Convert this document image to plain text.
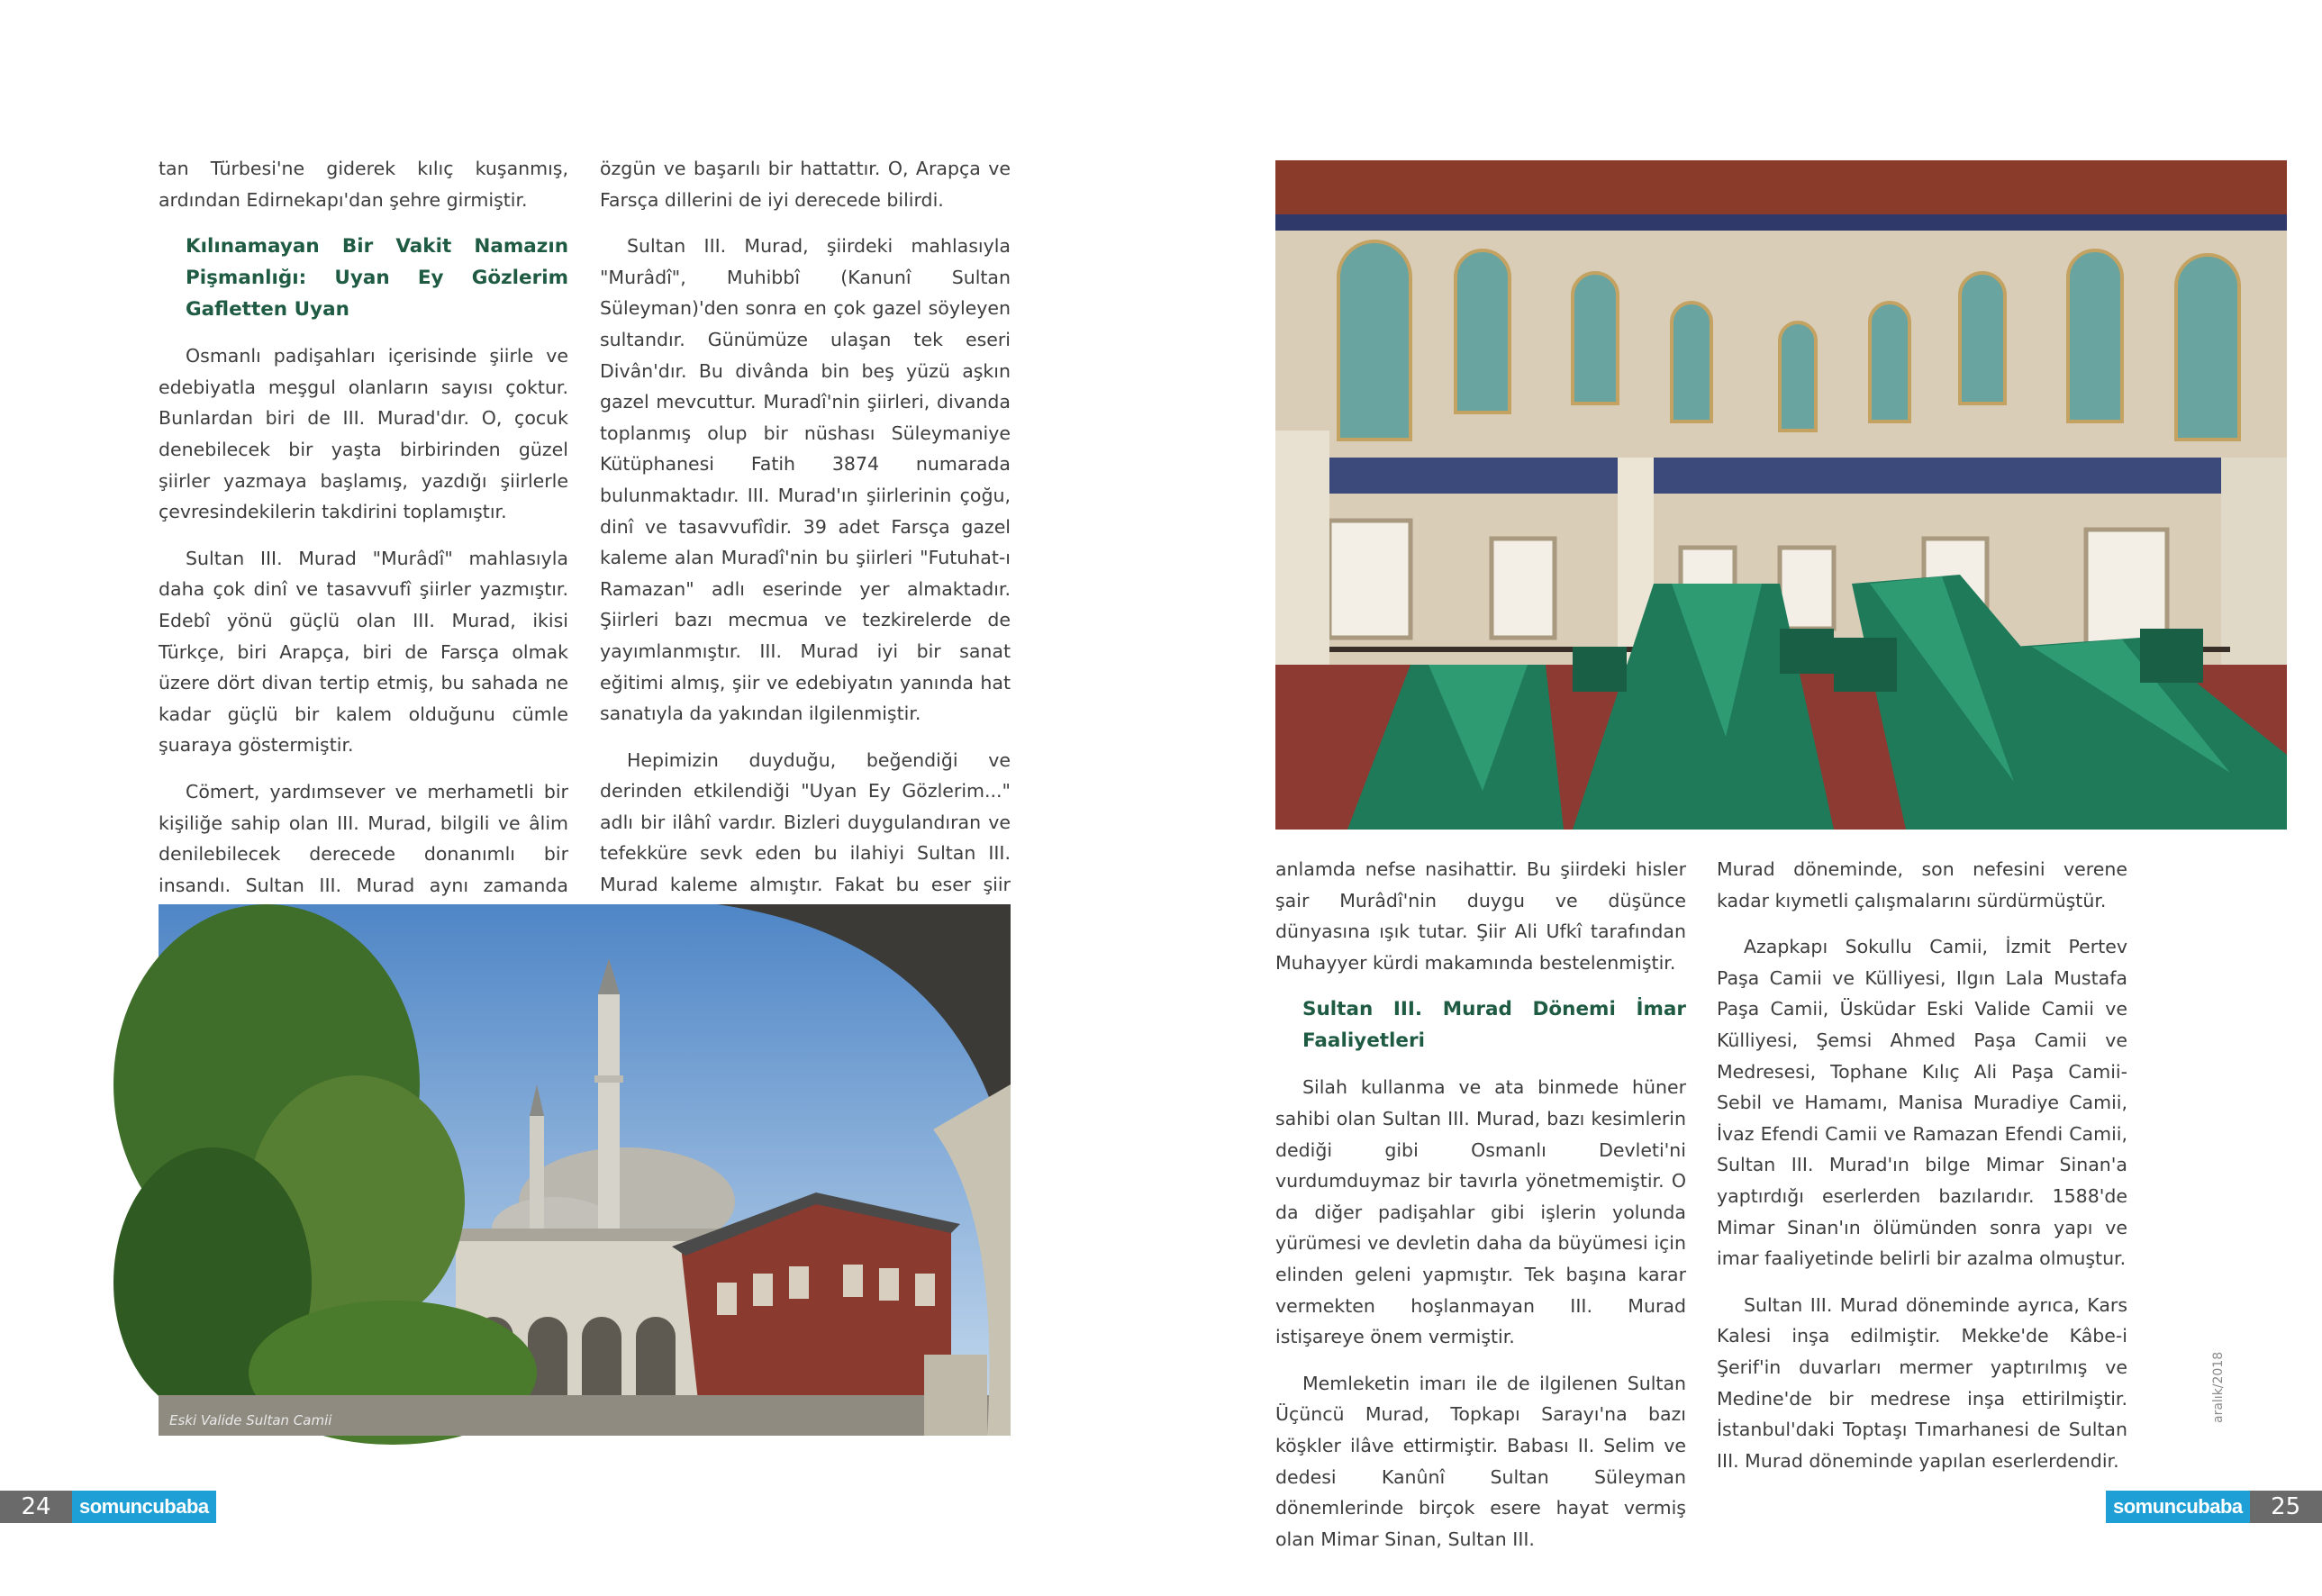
tan Türbesi'ne giderek kılıç kuşanmış, ardından Edirnekapı'dan şehre girmiştir.

Kılınamayan Bir Vakit Namazın Pişmanlığı: Uyan Ey Gözlerim Gafletten Uyan

Osmanlı padişahları içerisinde şiirle ve edebiyatla meşgul olanların sayısı çoktur. Bunlardan biri de III. Murad'dır. O, çocuk denebilecek bir yaşta birbirinden güzel şiirler yazmaya başlamış, yazdığı şiirlerle çevresindekilerin takdirini toplamıştır.

Sultan III. Murad "Murâdî" mahlasıyla daha çok dinî ve tasavvufî şiirler yazmıştır. Edebî yönü güçlü olan III. Murad, ikisi Türkçe, biri Arapça, biri de Farsça olmak üzere dört divan tertip etmiş, bu sahada ne kadar güçlü bir kalem olduğunu cümle şuaraya göstermiştir.

Cömert, yardımsever ve merhametli bir kişiliğe sahip olan III. Murad, bilgili ve âlim denilebilecek derecede donanımlı bir insandı. Sultan III. Murad aynı zamanda

özgün ve başarılı bir hattattır. O, Arapça ve Farsça dillerini de iyi derecede bilirdi.

Sultan III. Murad, şiirdeki mahlasıyla "Murâdî", Muhibbî (Kanunî Sultan Süleyman)'den sonra en çok gazel söyleyen sultandır. Günümüze ulaşan tek eseri Divân'dır. Bu divânda bin beş yüzü aşkın gazel mevcuttur. Muradî'nin şiirleri, divanda toplanmış olup bir nüshası Süleymaniye Kütüphanesi Fatih 3874 numarada bulunmaktadır. III. Murad'ın şiirlerinin çoğu, dinî ve tasavvufîdir. 39 adet Farsça gazel kaleme alan Muradî'nin bu şiirleri "Futuhat-ı Ramazan" adlı eserinde yer almaktadır. Şiirleri bazı mecmua ve tezkirelerde de yayımlanmıştır. III. Murad iyi bir sanat eğitimi almış, şiir ve edebiyatın yanında hat sanatıyla da yakından ilgilenmiştir.

Hepimizin duyduğu, beğendiği ve derinden etkilendiği "Uyan Ey Gözlerim..." adlı bir ilâhî vardır. Bizleri duygulandıran ve tefekküre sevk eden bu ilahiyi Sultan III. Murad kaleme almıştır. Fakat bu eser şiir

Eski Valide Sultan Camii

anlamda nefse nasihattir. Bu şiirdeki hisler şair Murâdî'nin duygu ve düşünce dünyasına ışık tutar. Şiir Ali Ufkî tarafından Muhayyer kürdi makamında bestelenmiştir.

Sultan III. Murad Dönemi İmar Faaliyetleri

Silah kullanma ve ata binmede hüner sahibi olan Sultan III. Murad, bazı kesimlerin dediği gibi Osmanlı Devleti'ni vurdumduymaz bir tavırla yönetmemiştir. O da diğer padişahlar gibi işlerin yolunda yürümesi ve devletin daha da büyümesi için elinden geleni yapmıştır. Tek başına karar vermekten hoşlanmayan III. Murad istişareye önem vermiştir.

Memleketin imarı ile de ilgilenen Sultan Üçüncü Murad, Topkapı Sarayı'na bazı köşkler ilâve ettirmiştir. Babası II. Selim ve dedesi Kanûnî Sultan Süleyman dönemlerinde birçok esere hayat vermiş olan Mimar Sinan, Sultan III.

Murad döneminde, son nefesini verene kadar kıymetli çalışmalarını sürdürmüştür.

Azapkapı Sokullu Camii, İzmit Pertev Paşa Camii ve Külliyesi, Ilgın Lala Mustafa Paşa Camii, Üsküdar Eski Valide Camii ve Külliyesi, Şemsi Ahmed Paşa Camii ve Medresesi, Tophane Kılıç Ali Paşa Camii- Sebil ve Hamamı, Manisa Muradiye Camii, İvaz Efendi Camii ve Ramazan Efendi Camii, Sultan III. Murad'ın bilge Mimar Sinan'a yaptırdığı eserlerden bazılarıdır. 1588'de Mimar Sinan'ın ölümünden sonra yapı ve imar faaliyetinde belirli bir azalma olmuştur.

Sultan III. Murad döneminde ayrıca, Kars Kalesi inşa edilmiştir. Mekke'de Kâbe-i Şerif'in duvarları mermer yaptırılmış ve Medine'de bir medrese inşa ettirilmiştir. İstanbul'daki Toptaşı Tımarhanesi de Sultan III. Murad döneminde yapılan eserlerdendir.

aralık/2018
24	somuncubaba	somuncubaba	25
